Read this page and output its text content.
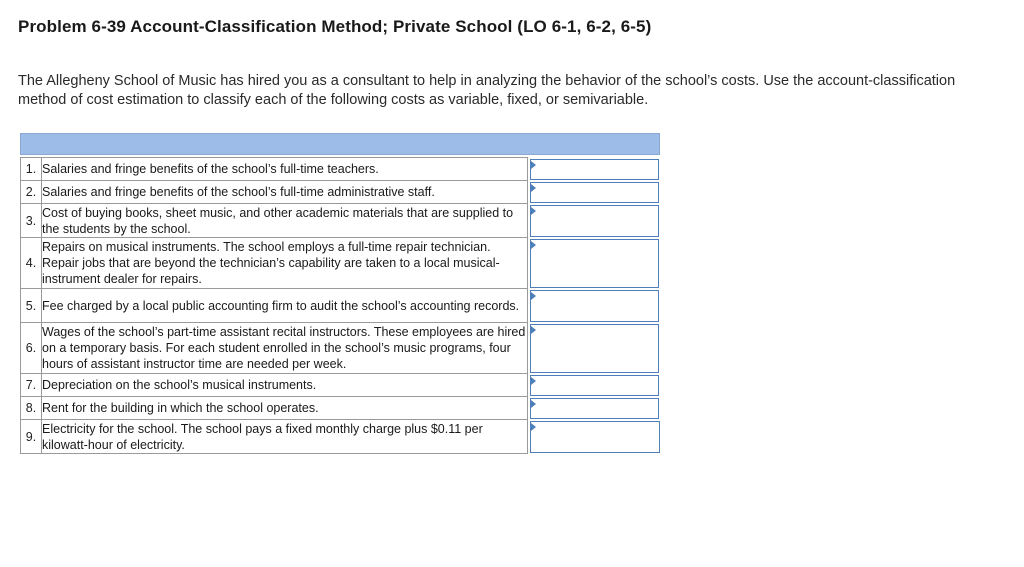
Problem 6-39 Account-Classification Method; Private School (LO 6-1, 6-2, 6-5)
The Allegheny School of Music has hired you as a consultant to help in analyzing the behavior of the school’s costs. Use the account-classification method of cost estimation to classify each of the following costs as variable, fixed, or semivariable.
1.	Salaries and fringe benefits of the school’s full-time teachers.	

2.	Salaries and fringe benefits of the school’s full-time administrative staff.	

3.	Cost of buying books, sheet music, and other academic materials that are supplied to the students by the school.	

4.	Repairs on musical instruments. The school employs a full-time repair technician. Repair jobs that are beyond the technician’s capability are taken to a local musical-instrument dealer for repairs.	

5.	Fee charged by a local public accounting firm to audit the school’s accounting records.	

6.	Wages of the school’s part-time assistant recital instructors. These employees are hired on a temporary basis. For each student enrolled in the school’s music programs, four hours of assistant instructor time are needed per week.	

7.	Depreciation on the school’s musical instruments.	

8.	Rent for the building in which the school operates.	

9.	Electricity for the school. The school pays a fixed monthly charge plus $0.11 per kilowatt-hour of electricity.	
